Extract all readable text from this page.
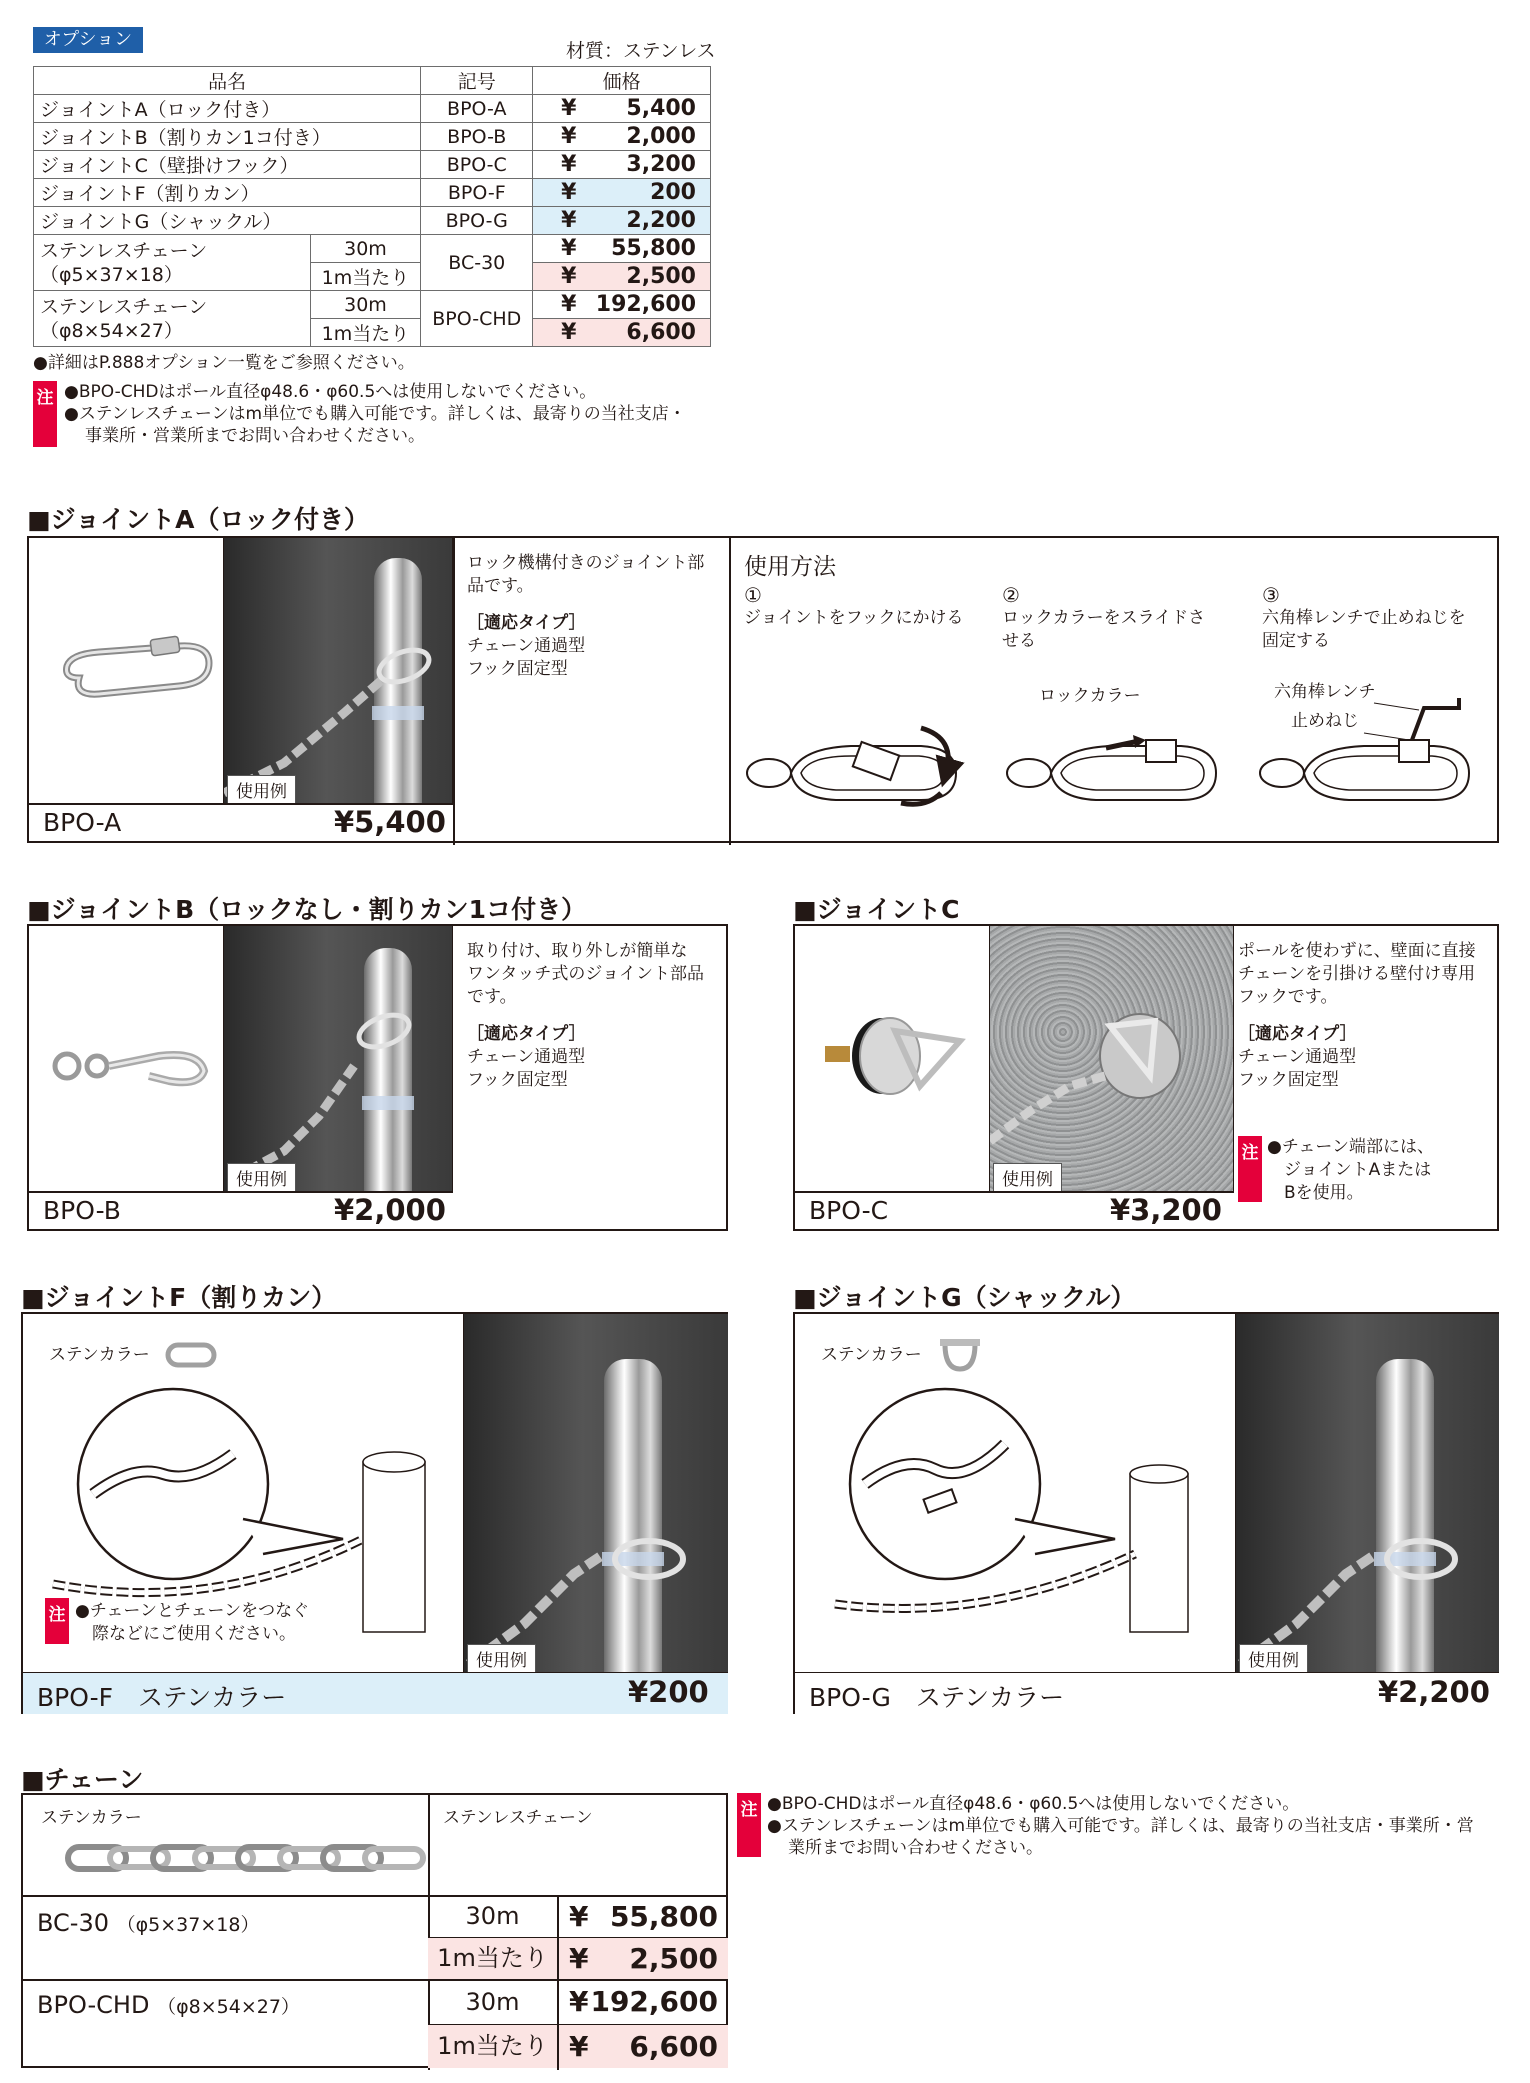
オプション
材質：ステンレス
品名		記号	価格
ジョイントA（ロック付き）		BPO-A	¥ 5,400

ジョイントB（割りカン1コ付き）		BPO-B	¥ 2,000

ジョイントC（壁掛けフック）		BPO-C	¥ 3,200

ジョイントF（割りカン）		BPO-F	¥ 200

ジョイントG（シャックル）		BPO-G	¥ 2,200

ステンレスチェーン
（φ5×37×18）	30m	BC-30	¥ 55,800

	1m当たり		¥ 2,500

ステンレスチェーン
（φ8×54×27）	30m	BPO-CHD	¥ 192,600

	1m当たり		¥ 6,600
●詳細はP.888オプション一覧をご参照ください。
注 ●BPO-CHDはポール直径φ48.6・φ60.5へは使用しないでください。
●ステンレスチェーンはm単位でも購入可能です。詳しくは、最寄りの当社支店・
事業所・営業所までお問い合わせください。
■ジョイントA（ロック付き）
使用例
BPO-A	¥5,400
ロック機構付きのジョイント部
品です。
［適応タイプ］
チェーン通過型
フック固定型
使用方法
①
ジョイントをフックにかける
②
ロックカラーをスライドさ
せる
③
六角棒レンチで止めねじを
固定する
ロックカラー	六角棒レンチ
止めねじ
■ジョイントB（ロックなし・割りカン1コ付き）
使用例
BPO-B	¥2,000
取り付け、取り外しが簡単な
ワンタッチ式のジョイント部品
です。
［適応タイプ］
チェーン通過型
フック固定型
■ジョイントC
使用例
BPO-C	¥3,200
ポールを使わずに、壁面に直接
チェーンを引掛ける壁付け専用
フックです。
［適応タイプ］
チェーン通過型
フック固定型
注 ●チェーン端部には、
ジョイントAまたは
Bを使用。
■ジョイントF（割りカン）
ステンカラー
注 ●チェーンとチェーンをつなぐ
際などにご使用ください。
使用例
BPO-F　ステンカラー	¥200
■ジョイントG（シャックル）
ステンカラー
使用例
BPO-G　ステンカラー	¥2,200
■チェーン
ステンカラー	ステンレスチェーン
BC-30 （φ5×37×18）	30m	¥ 55,800
1m当たり ¥ 2,500
BPO-CHD （φ8×54×27）	30m	¥ 192,600
1m当たり ¥ 6,600
注 ●BPO-CHDはポール直径φ48.6・φ60.5へは使用しないでください。
●ステンレスチェーンはm単位でも購入可能です。詳しくは、最寄りの当社支店・事業所・営
業所までお問い合わせください。
